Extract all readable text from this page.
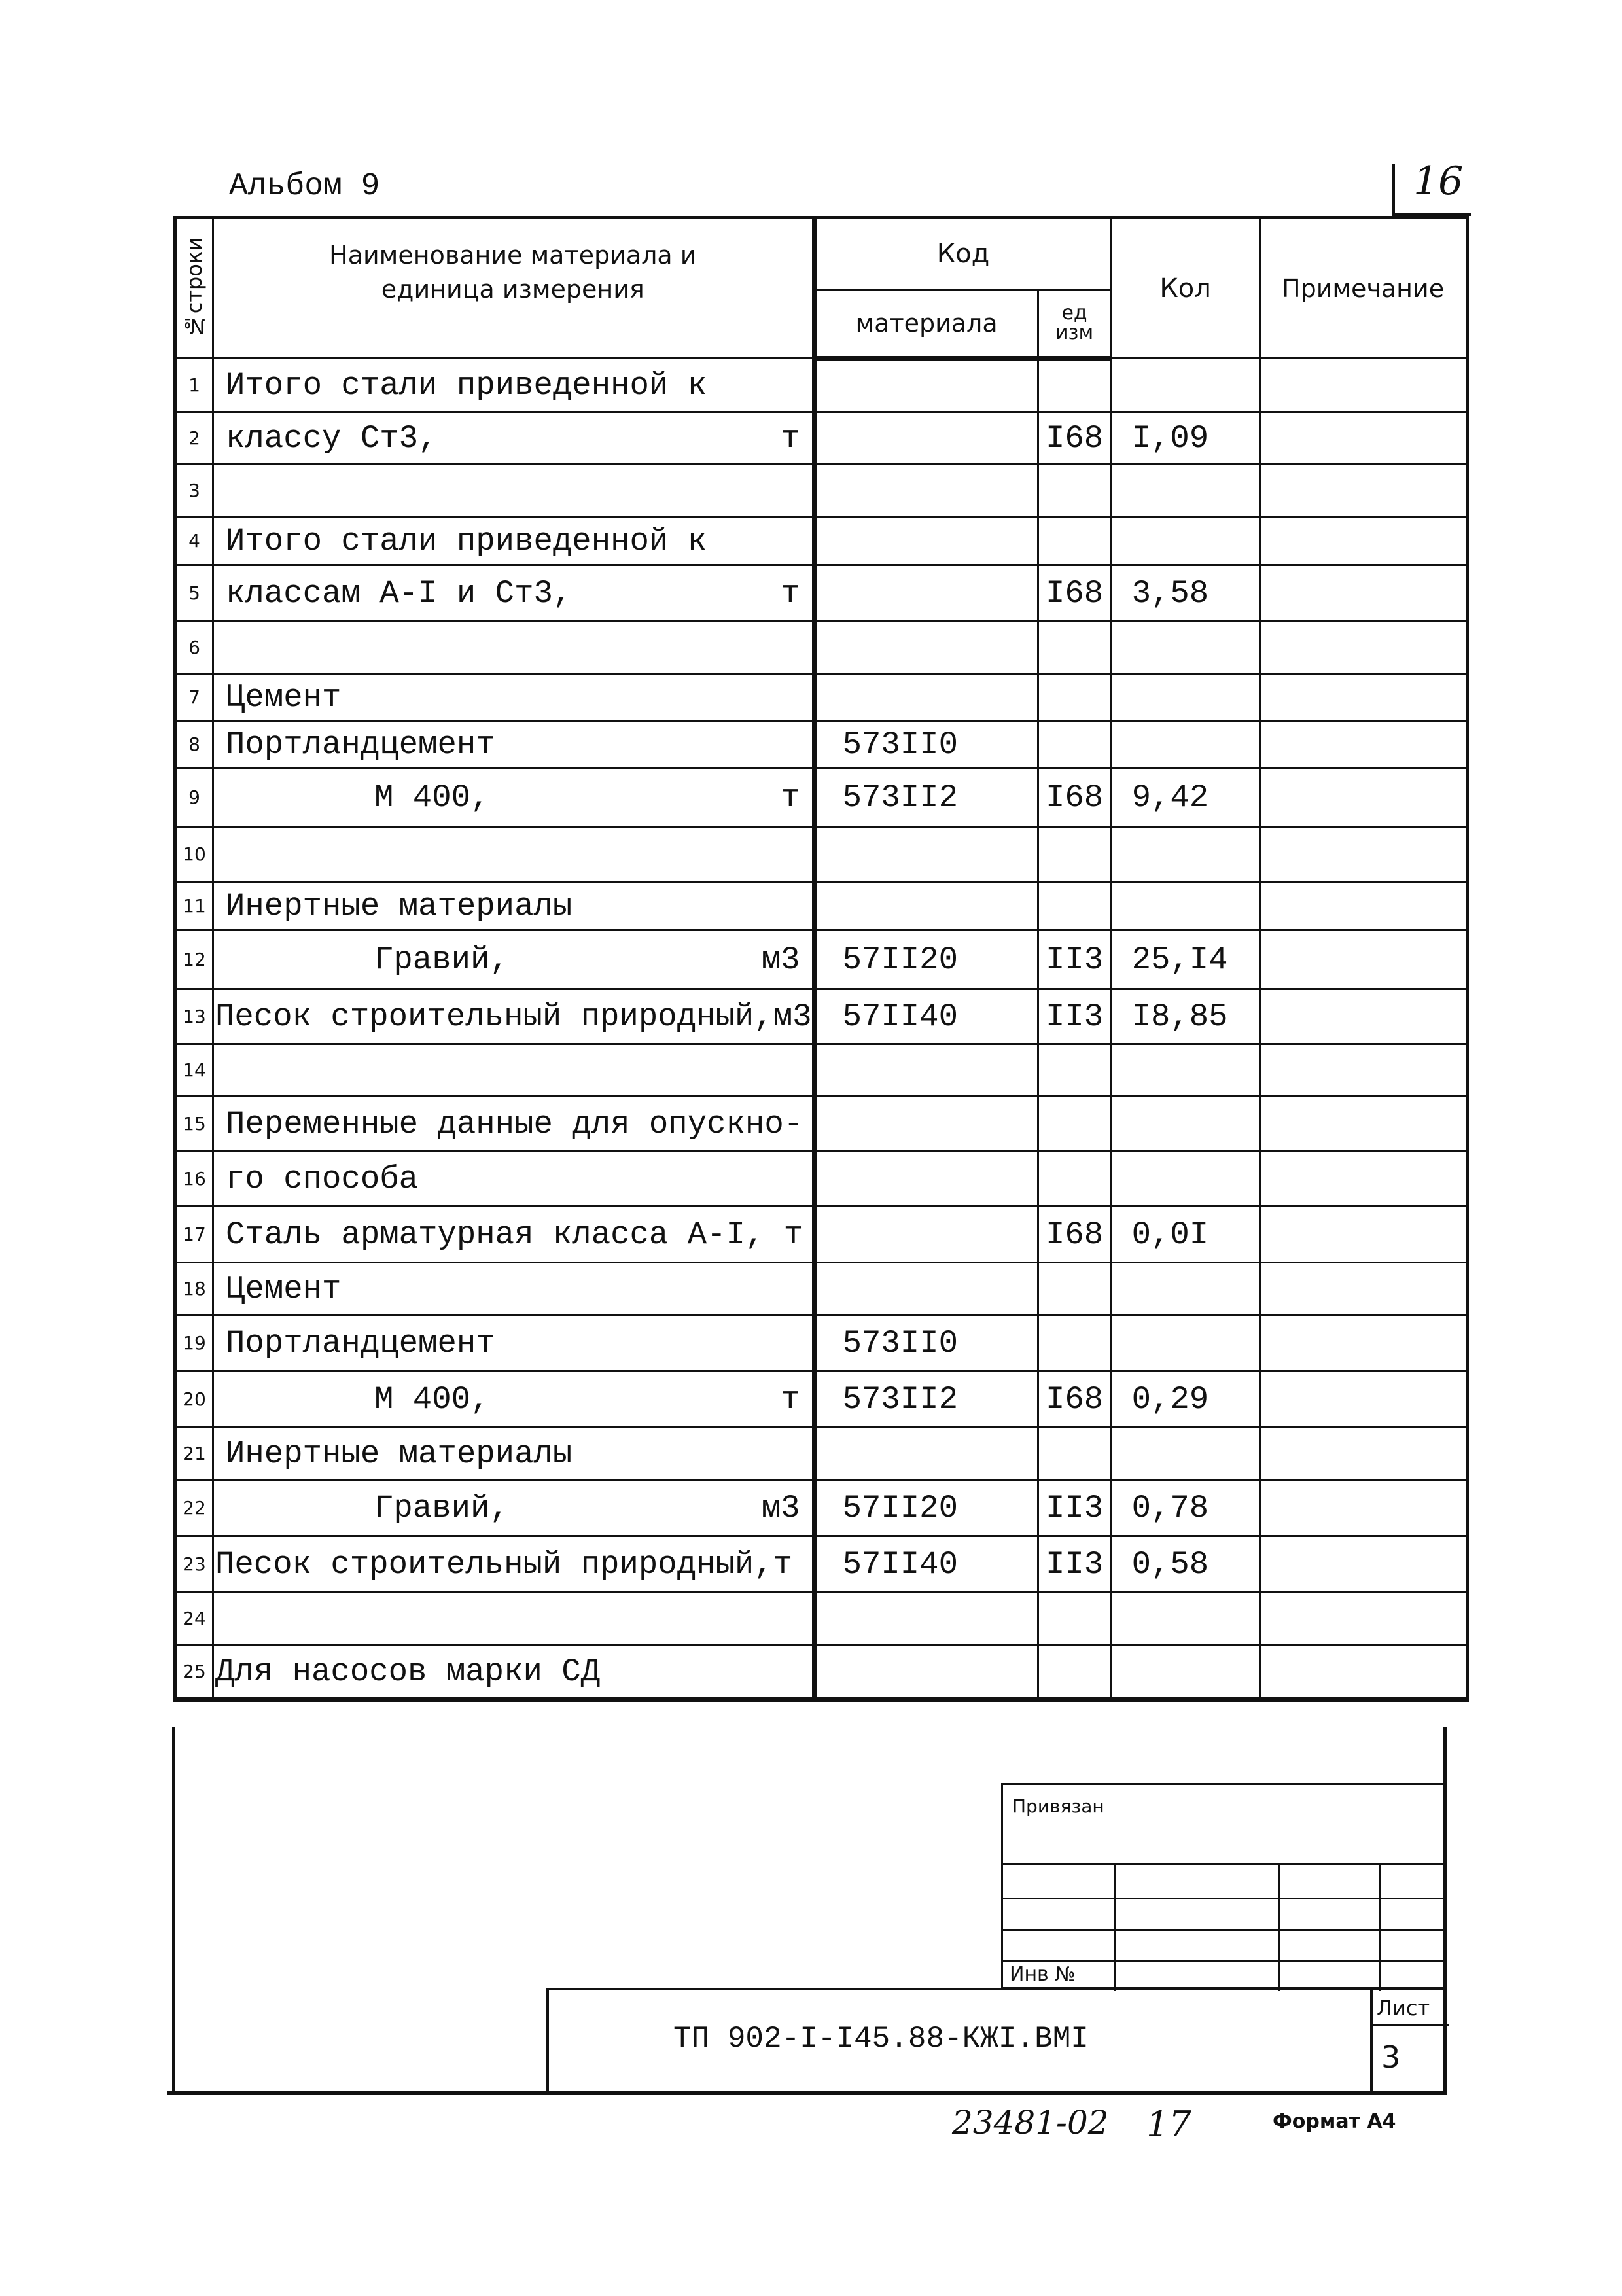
Альбом 9	16
№строки	Наименование материала и единица измерения	Код		Кол	Примечание
		материала	ед изм		
1	Итого стали приведенной к

2	классу Ст3, т		I68	I,09	
3	

4	Итого стали приведенной к

5	классам А-I и Ст3, т		I68	3,58	
6	

7	Цемент

8	Портландцемент	573II0			
9	М 400, т	573II2	I68	9,42	
10	

11	Инертные материалы

12	Гравий, м3	57II20	II3	25,I4	
13	Песок строительный природный,м3	57II40	II3	I8,85	
14	

15	Переменные данные для опускно-

16	го способа

17	Сталь арматурная класса А-I, т		I68	0,0I	
18	Цемент

19	Портландцемент	573II0			
20	М 400, т	573II2	I68	0,29	
21	Инертные материалы

22	Гравий, м3	57II20	II3	0,78	
23	Песок строительный природный,т	57II40	II3	0,58	
24	

25	Для насосов марки СД

Привязан
Инв №
ТП 902-I-I45.88-КЖI.ВМI
Лист
3
23481-02 17	Формат А4
